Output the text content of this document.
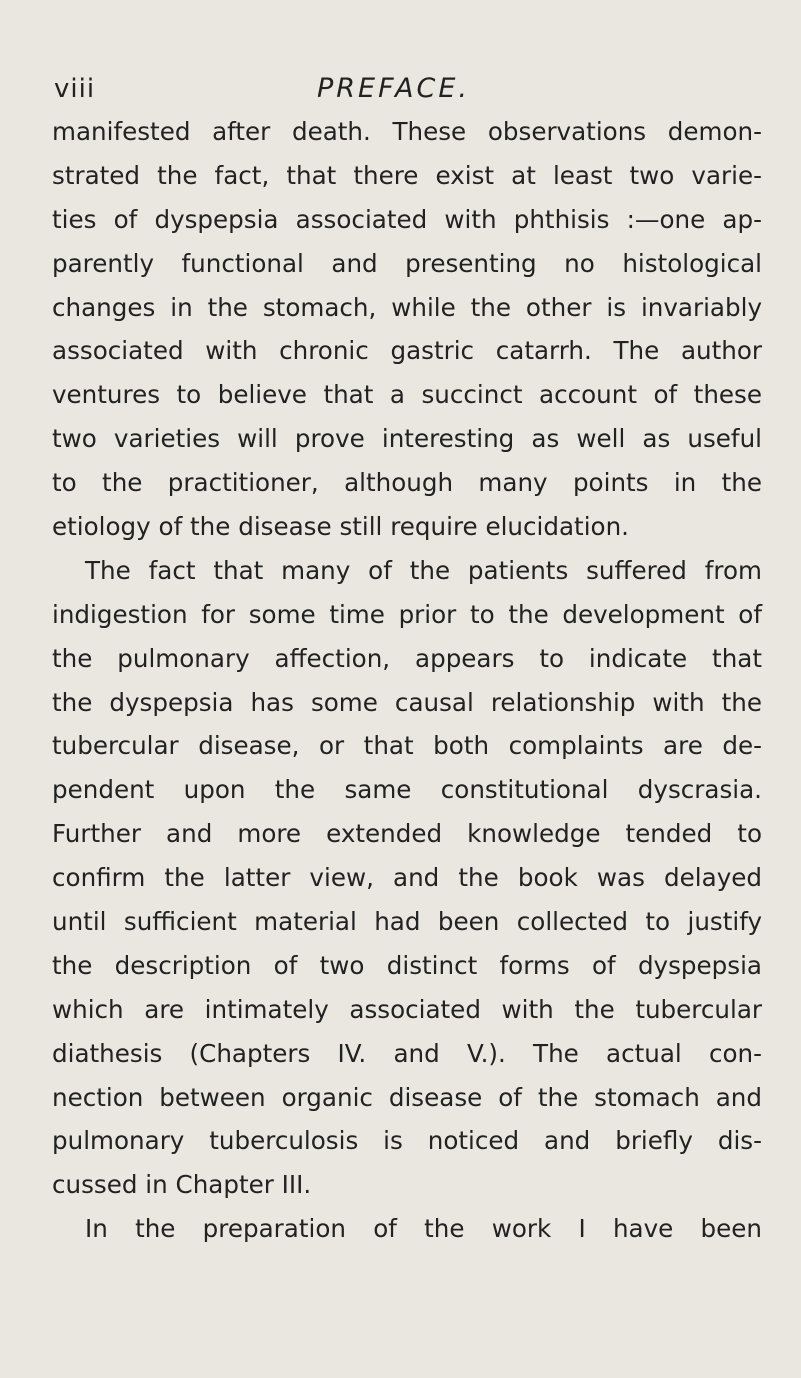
viii	PREFACE.
manifested after death. These observations demon-
strated the fact, that there exist at least two varie-
ties of dyspepsia associated with phthisis :—one ap-
parently functional and presenting no histological
changes in the stomach, while the other is invariably
associated with chronic gastric catarrh. The author
ventures to believe that a succinct account of these
two varieties will prove interesting as well as useful
to the practitioner, although many points in the
etiology of the disease still require elucidation.
The fact that many of the patients suffered from
indigestion for some time prior to the development of
the pulmonary affection, appears to indicate that
the dyspepsia has some causal relationship with the
tubercular disease, or that both complaints are de-
pendent upon the same constitutional dyscrasia.
Further and more extended knowledge tended to
confirm the latter view, and the book was delayed
until sufficient material had been collected to justify
the description of two distinct forms of dyspepsia
which are intimately associated with the tubercular
diathesis (Chapters IV. and V.). The actual con-
nection between organic disease of the stomach and
pulmonary tuberculosis is noticed and briefly dis-
cussed in Chapter III.
In the preparation of the work I have been
